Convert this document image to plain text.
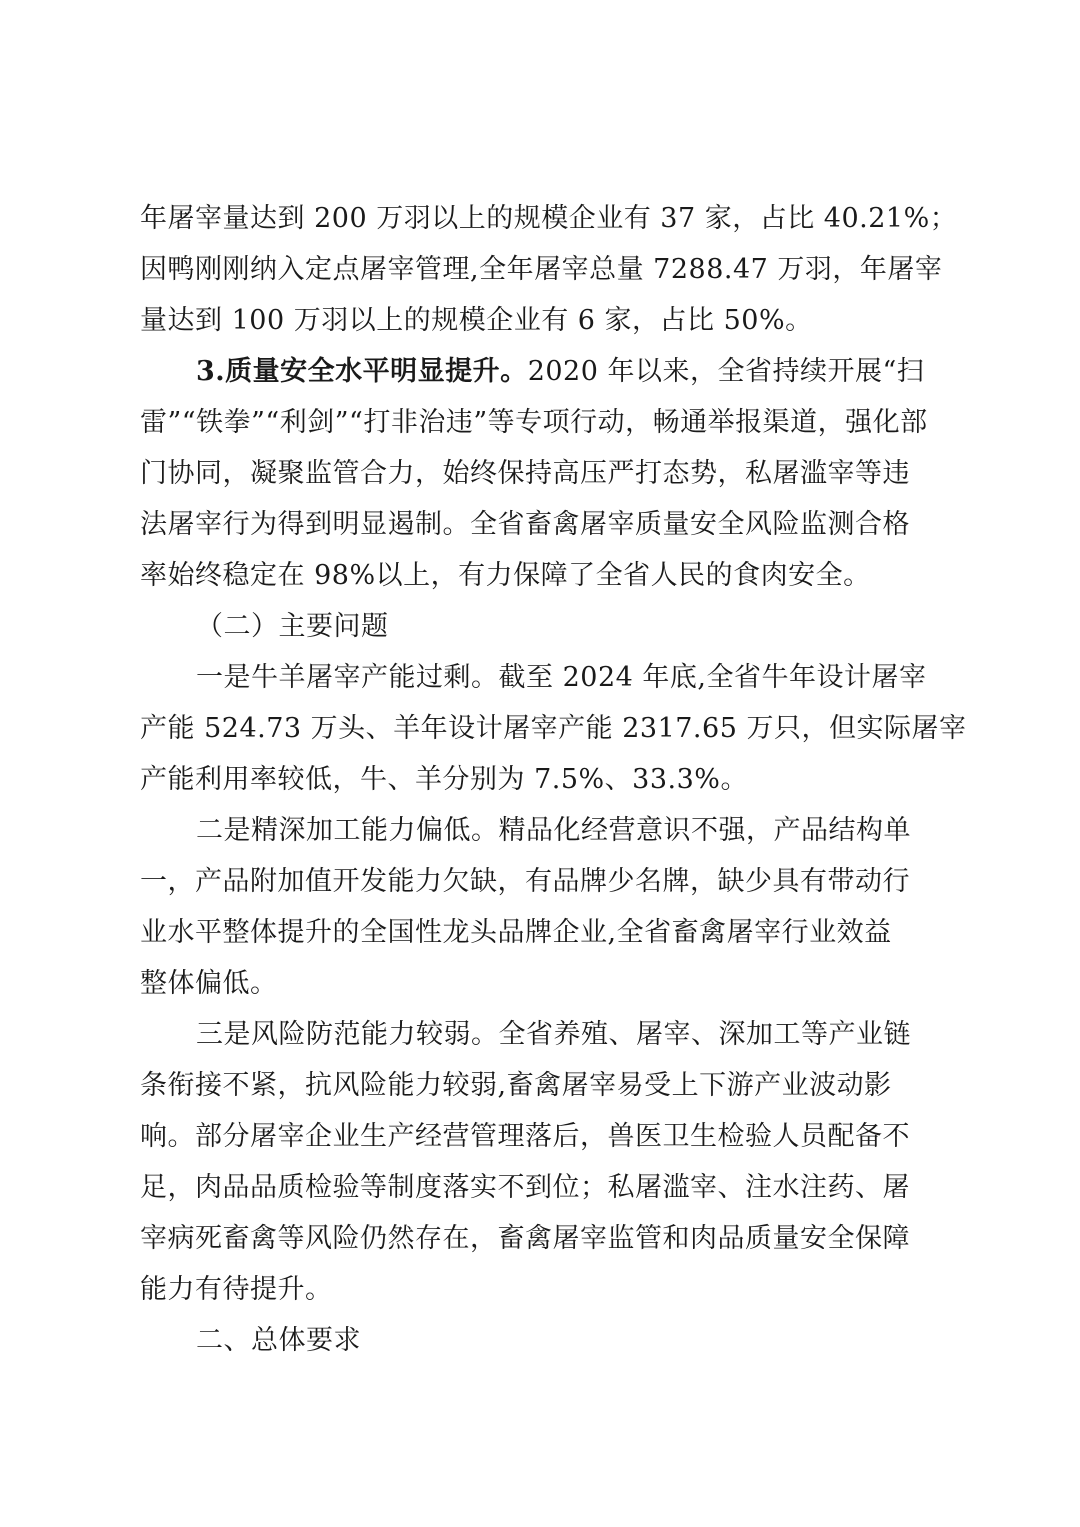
年屠宰量达到 200 万羽以上的规模企业有 37 家，占比 40.21%；
因鸭刚刚纳入定点屠宰管理,全年屠宰总量 7288.47 万羽，年屠宰
量达到 100 万羽以上的规模企业有 6 家，占比 50%。
3.质量安全水平明显提升。2020 年以来，全省持续开展“扫
雷”“铁拳”“利剑”“打非治违”等专项行动，畅通举报渠道，强化部
门协同，凝聚监管合力，始终保持高压严打态势，私屠滥宰等违
法屠宰行为得到明显遏制。全省畜禽屠宰质量安全风险监测合格
率始终稳定在 98%以上，有力保障了全省人民的食肉安全。
（二）主要问题
一是牛羊屠宰产能过剩。截至 2024 年底,全省牛年设计屠宰
产能 524.73 万头、羊年设计屠宰产能 2317.65 万只，但实际屠宰
产能利用率较低，牛、羊分别为 7.5%、33.3%。
二是精深加工能力偏低。精品化经营意识不强，产品结构单
一，产品附加值开发能力欠缺，有品牌少名牌，缺少具有带动行
业水平整体提升的全国性龙头品牌企业,全省畜禽屠宰行业效益
整体偏低。
三是风险防范能力较弱。全省养殖、屠宰、深加工等产业链
条衔接不紧，抗风险能力较弱,畜禽屠宰易受上下游产业波动影
响。部分屠宰企业生产经营管理落后，兽医卫生检验人员配备不
足，肉品品质检验等制度落实不到位；私屠滥宰、注水注药、屠
宰病死畜禽等风险仍然存在，畜禽屠宰监管和肉品质量安全保障
能力有待提升。
二、总体要求
